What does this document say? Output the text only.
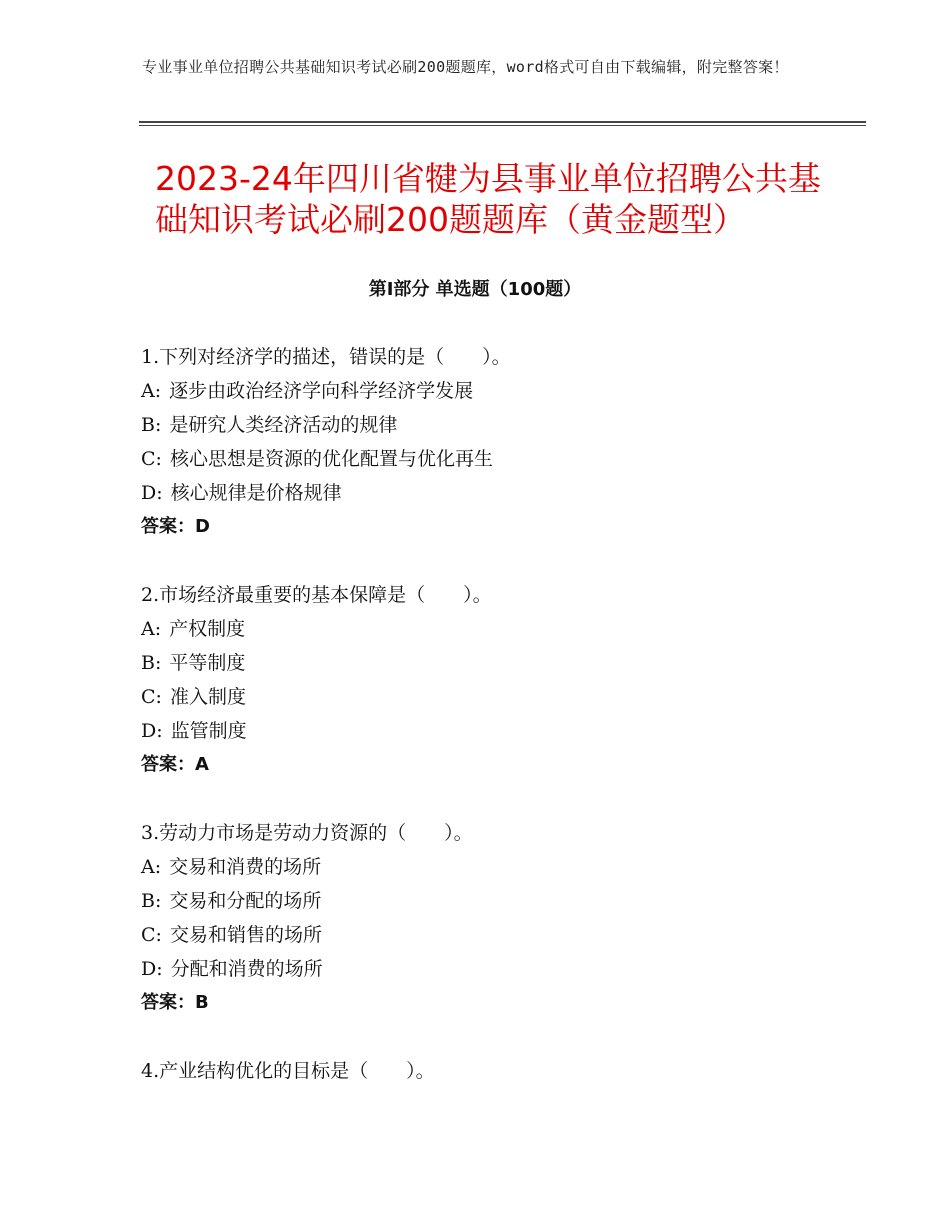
专业事业单位招聘公共基础知识考试必刷200题题库，word格式可自由下载编辑，附完整答案！
2023-24年四川省犍为县事业单位招聘公共基础知识考试必刷200题题库（黄金题型）
第Ⅰ部分 单选题（100题）
1.下列对经济学的描述，错误的是（　　）。
A: 逐步由政治经济学向科学经济学发展
B: 是研究人类经济活动的规律
C: 核心思想是资源的优化配置与优化再生
D: 核心规律是价格规律
答案：D
2.市场经济最重要的基本保障是（　　）。
A: 产权制度
B: 平等制度
C: 准入制度
D: 监管制度
答案：A
3.劳动力市场是劳动力资源的（　　）。
A: 交易和消费的场所
B: 交易和分配的场所
C: 交易和销售的场所
D: 分配和消费的场所
答案：B
4.产业结构优化的目标是（　　）。
